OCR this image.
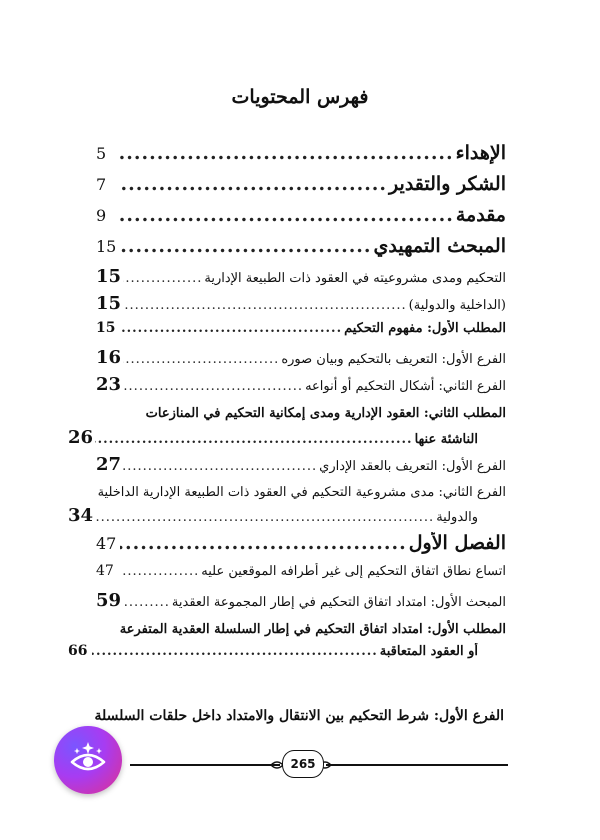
فهرس المحتويات
الإهداء
.....
5
الشكر والتقدير
.....
7
مقدمة
.....
9
المبحث التمهيدي
.....
15
التحكيم ومدى مشروعيته في العقود ذات الطبيعة الإدارية
.....
15
(الداخلية والدولية)
.....
15
المطلب الأول: مفهوم التحكيم
.....
15
الفرع الأول: التعريف بالتحكيم وبيان صوره
.....
16
الفرع الثاني: أشكال التحكيم أو أنواعه
.....
23
المطلب الثاني: العقود الإدارية ومدى إمكانية التحكيم في المنازعات
الناشئة عنها
.....
26
الفرع الأول: التعريف بالعقد الإداري
.....
27
الفرع الثاني: مدى مشروعية التحكيم في العقود ذات الطبيعة الإدارية الداخلية
والدولية
.....
34
الفصل الأول
.....
47
اتساع نطاق اتفاق التحكيم إلى غير أطرافه الموقعين عليه
.....
47
المبحث الأول: امتداد اتفاق التحكيم في إطار المجموعة العقدية
.....
59
المطلب الأول: امتداد اتفاق التحكيم في إطار السلسلة العقدية المتفرعة
أو العقود المتعاقبة
.....
66
الفرع الأول: شرط التحكيم بين الانتقال والامتداد داخل حلقات السلسلة
265
